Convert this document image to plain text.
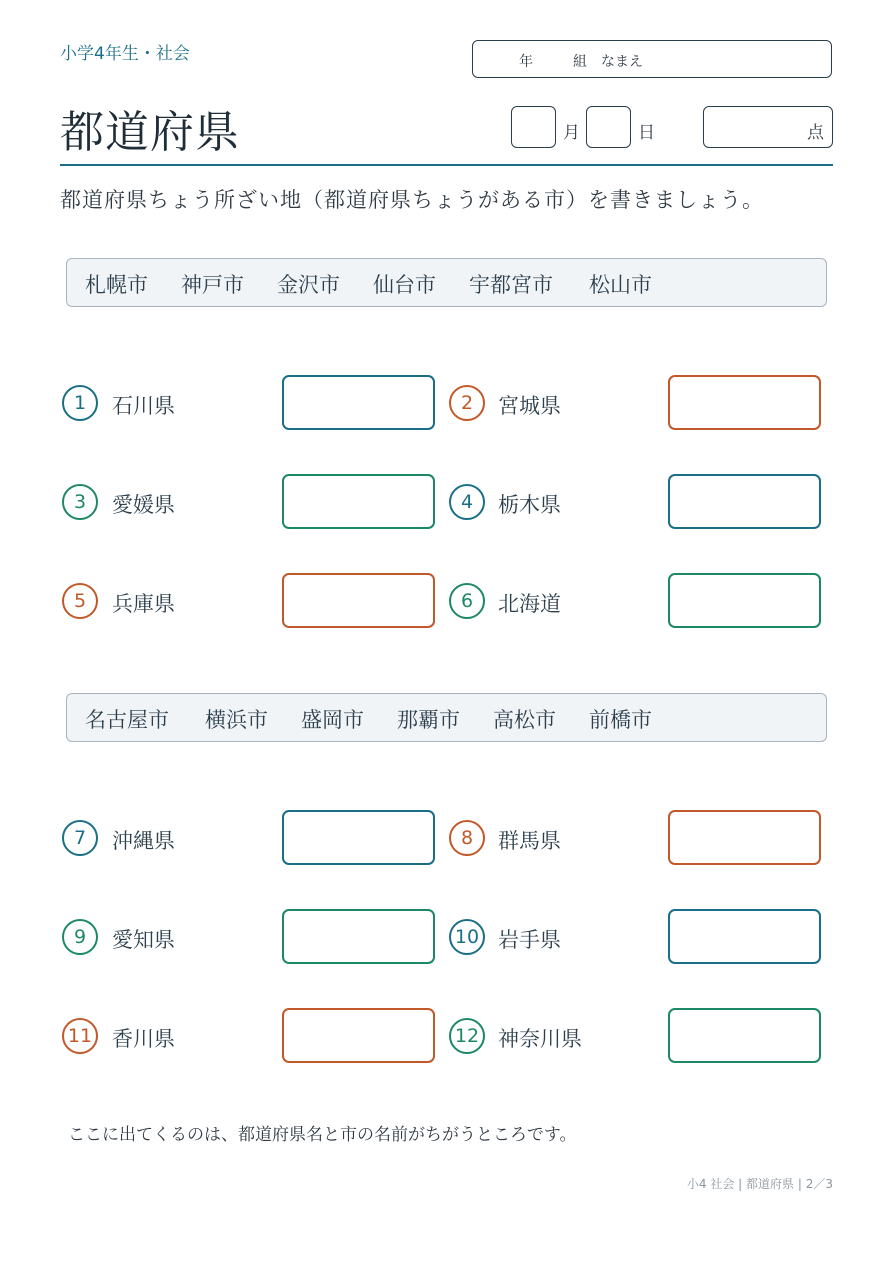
小学4年生・社会	年	組 なまえ
都道府県	月	日	点
都道府県ちょう所ざい地（都道府県ちょうがある市）を書きましょう。
札幌市 神戸市 金沢市 仙台市 宇都宮市 松山市
1	石川県	2	宮城県
3	愛媛県	4	栃木県
5	兵庫県	6	北海道
名古屋市 横浜市 盛岡市 那覇市 高松市 前橋市
7	沖縄県	8	群馬県
9	愛知県	10 岩手県
11 香川県	12 神奈川県
ここに出てくるのは、都道府県名と市の名前がちがうところです。
小4 社会 | 都道府県 | 2／3
